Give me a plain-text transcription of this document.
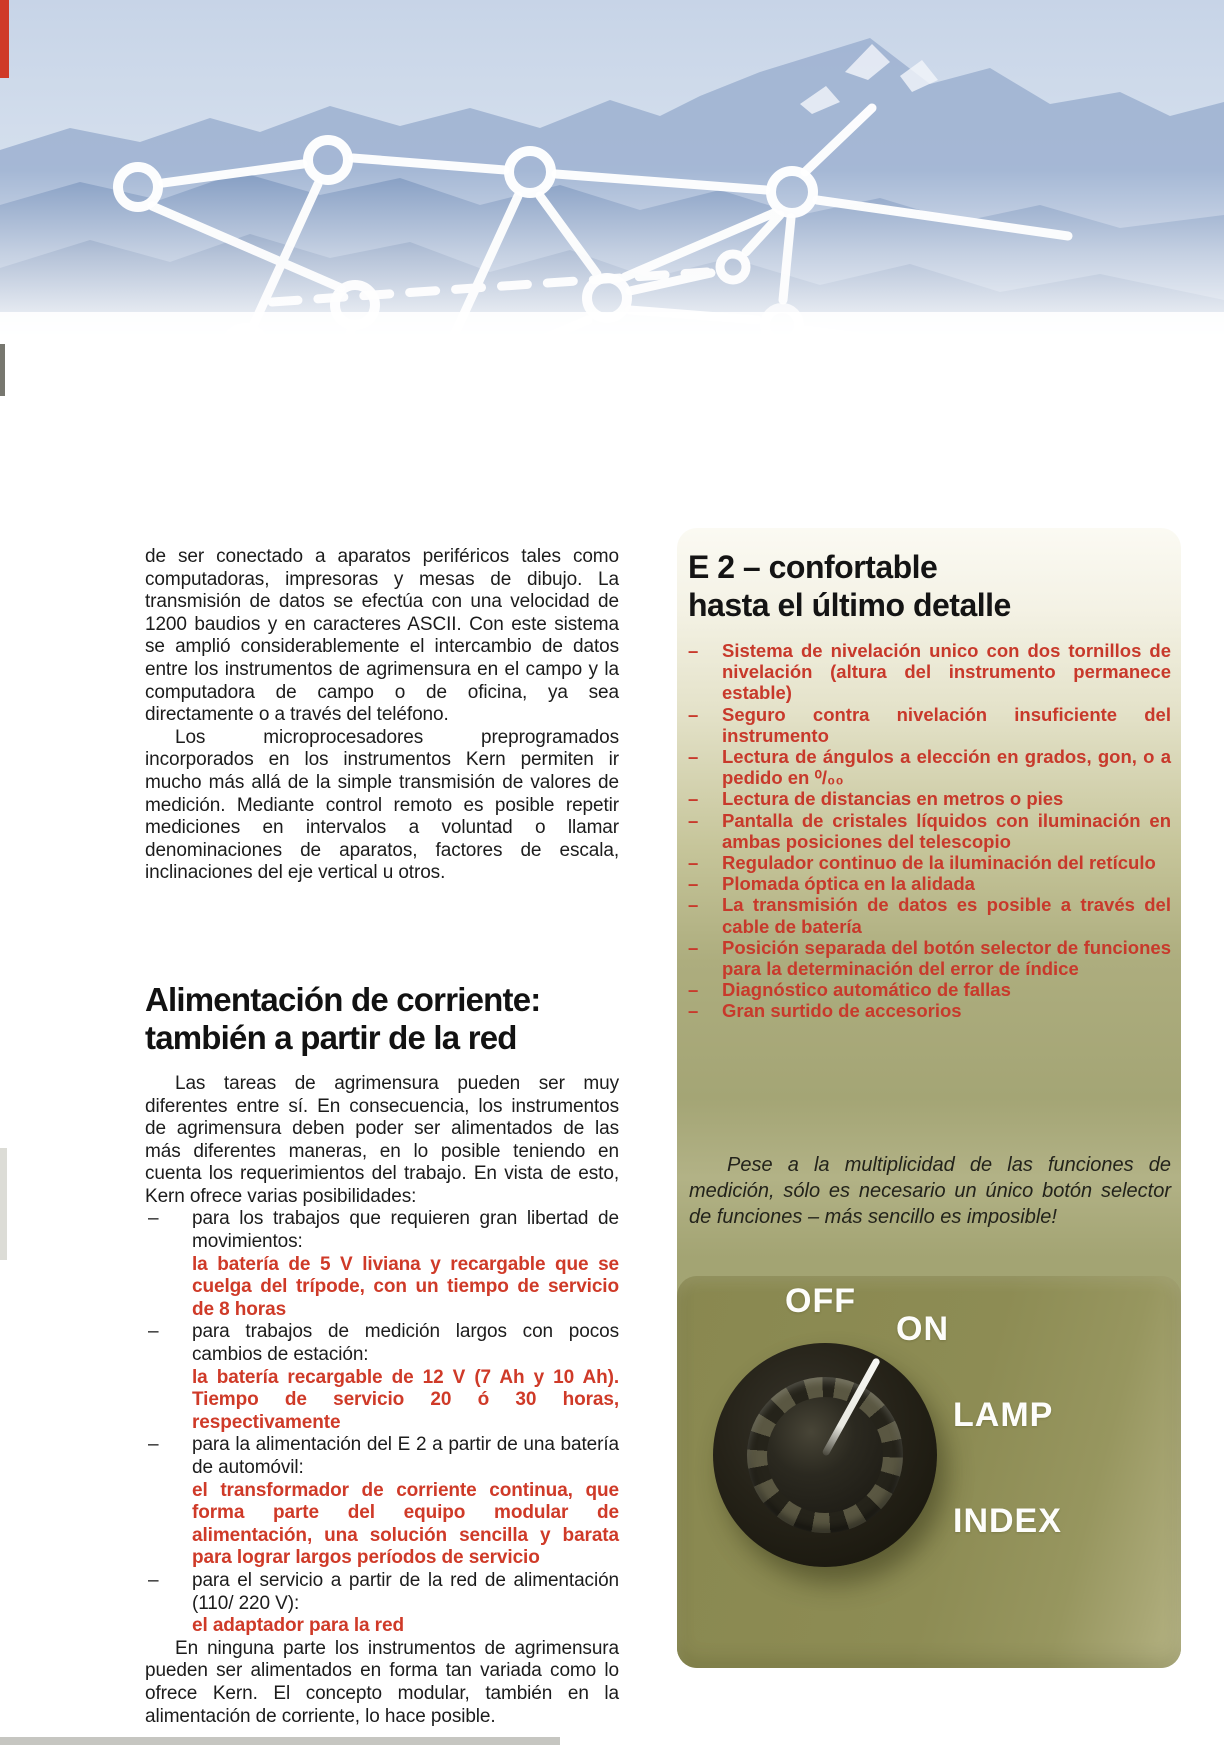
E 2 – confortable
hasta el último detalle
– Sistema de nivelación unico con dos tornillos de nivelación (altura del instrumento permanece estable)
– Seguro contra nivelación insuficiente del instrumento
– Lectura de ángulos a elección en grados, gon, o a pedido en ⁰/₀₀
– Lectura de distancias en metros o pies
– Pantalla de cristales líquidos con iluminación en ambas posiciones del telescopio
– Regulador continuo de la iluminación del retículo
– Plomada óptica en la alidada
– La transmisión de datos es posible a través del cable de batería
– Posición separada del botón selector de funciones para la determinación del error de índice
– Diagnóstico automático de fallas
– Gran surtido de accesorios
Pese a la multiplicidad de las funciones de medición, sólo es necesario un único botón selector de funciones – más sencillo es imposible!
OFF
ON
LAMP
INDEX

de ser conectado a aparatos periféricos tales como computadoras, impresoras y mesas de dibujo. La transmisión de datos se efectúa con una velocidad de 1200 baudios y en caracteres ASCII. Con este sistema se amplió considerablemente el intercambio de datos entre los instrumentos de agrimensura en el campo y la computadora de campo o de oficina, ya sea directamente o a través del teléfono.

Los microprocesadores preprogramados incorporados en los instrumentos Kern permiten ir mucho más allá de la simple transmisión de valores de medición. Mediante control remoto es posible repetir mediciones en intervalos a voluntad o llamar denominaciones de aparatos, factores de escala, inclinaciones del eje vertical u otros.

Alimentación de corriente:
también a partir de la red

Las tareas de agrimensura pueden ser muy diferentes entre sí. En consecuencia, los instrumentos de agrimensura deben poder ser alimentados de las más diferentes maneras, en lo posible teniendo en cuenta los requerimientos del trabajo. En vista de esto, Kern ofrece varias posibilidades:

– para los trabajos que requieren gran libertad de movimientos:
la batería de 5 V liviana y recargable que se cuelga del trípode, con un tiempo de servicio de 8 horas
– para trabajos de medición largos con pocos cambios de estación:
la batería recargable de 12 V (7 Ah y 10 Ah). Tiempo de servicio 20 ó 30 horas, respectivamente
– para la alimentación del E 2 a partir de una batería de automóvil:
el transformador de corriente continua, que forma parte del equipo modular de alimentación, una solución sencilla y barata para lograr largos períodos de servicio
– para el servicio a partir de la red de alimentación (110/ 220 V):
el adaptador para la red

En ninguna parte los instrumentos de agrimensura pueden ser alimentados en forma tan variada como lo ofrece Kern. El concepto modular, también en la alimentación de corriente, lo hace posible.
